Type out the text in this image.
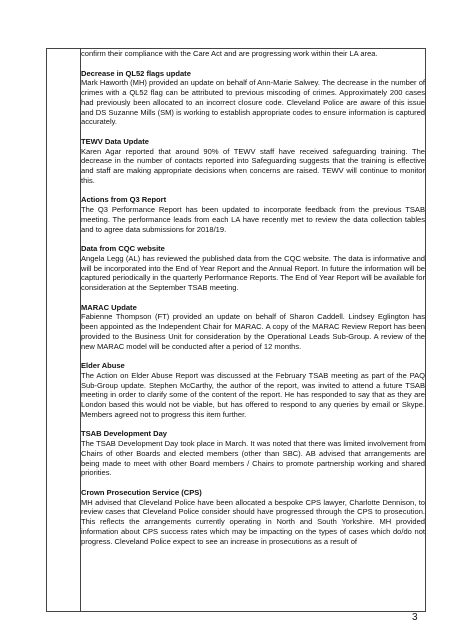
confirm their compliance with the Care Act and are progressing work within their LA area.

Decrease in QL52 flags update
Mark Haworth (MH) provided an update on behalf of Ann-Marie Salwey. The decrease in the number of crimes with a QL52 flag can be attributed to previous miscoding of crimes. Approximately 200 cases had previously been allocated to an incorrect closure code. Cleveland Police are aware of this issue and DS Suzanne Mills (SM) is working to establish appropriate codes to ensure information is captured accurately.

TEWV Data Update
Karen Agar reported that around 90% of TEWV staff have received safeguarding training. The decrease in the number of contacts reported into Safeguarding suggests that the training is effective and staff are making appropriate decisions when concerns are raised. TEWV will continue to monitor this.

Actions from Q3 Report
The Q3 Performance Report has been updated to incorporate feedback from the previous TSAB meeting. The performance leads from each LA have recently met to review the data collection tables and to agree data submissions for 2018/19.

Data from CQC website
Angela Legg (AL) has reviewed the published data from the CQC website. The data is informative and will be incorporated into the End of Year Report and the Annual Report. In future the information will be captured periodically in the quarterly Performance Reports. The End of Year Report will be available for consideration at the September TSAB meeting.

MARAC Update
Fabienne Thompson (FT) provided an update on behalf of Sharon Caddell. Lindsey Eglington has been appointed as the Independent Chair for MARAC. A copy of the MARAC Review Report has been provided to the Business Unit for consideration by the Operational Leads Sub-Group. A review of the new MARAC model will be conducted after a period of 12 months.

Elder Abuse
The Action on Elder Abuse Report was discussed at the February TSAB meeting as part of the PAQ Sub-Group update. Stephen McCarthy, the author of the report, was invited to attend a future TSAB meeting in order to clarify some of the content of the report. He has responded to say that as they are London based this would not be viable, but has offered to respond to any queries by email or Skype. Members agreed not to progress this item further.

TSAB Development Day
The TSAB Development Day took place in March. It was noted that there was limited involvement from Chairs of other Boards and elected members (other than SBC). AB advised that arrangements are being made to meet with other Board members / Chairs to promote partnership working and shared priorities.

Crown Prosecution Service (CPS)
MH advised that Cleveland Police have been allocated a bespoke CPS lawyer, Charlotte Dennison, to review cases that Cleveland Police consider should have progressed through the CPS to prosecution. This reflects the arrangements currently operating in North and South Yorkshire. MH provided information about CPS success rates which may be impacting on the types of cases which do/do not progress. Cleveland Police expect to see an increase in prosecutions as a result of

3
